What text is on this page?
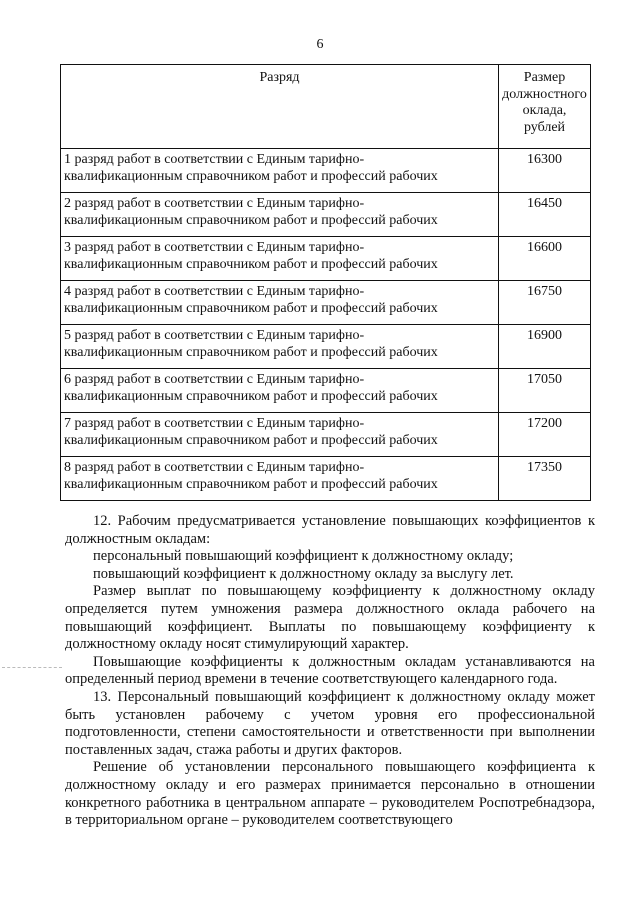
6
Разряд	Размер
должностного
оклада,
рублей

1 разряд работ в соответствии с Единым тарифно-
квалификационным справочником работ и профессий рабочих	16300

2 разряд работ в соответствии с Единым тарифно-
квалификационным справочником работ и профессий рабочих	16450

3 разряд работ в соответствии с Единым тарифно-
квалификационным справочником работ и профессий рабочих	16600

4 разряд работ в соответствии с Единым тарифно-
квалификационным справочником работ и профессий рабочих	16750

5 разряд работ в соответствии с Единым тарифно-
квалификационным справочником работ и профессий рабочих	16900

6 разряд работ в соответствии с Единым тарифно-
квалификационным справочником работ и профессий рабочих	17050

7 разряд работ в соответствии с Единым тарифно-
квалификационным справочником работ и профессий рабочих	17200

8 разряд работ в соответствии с Единым тарифно-
квалификационным справочником работ и профессий рабочих	17350

12. Рабочим предусматривается установление повышающих коэффициентов к должностным окладам:

персональный повышающий коэффициент к должностному окладу;

повышающий коэффициент к должностному окладу за выслугу лет.

Размер выплат по повышающему коэффициенту к должностному окладу определяется путем умножения размера должностного оклада рабочего на повышающий коэффициент. Выплаты по повышающему коэффициенту к должностному окладу носят стимулирующий характер.

Повышающие коэффициенты к должностным окладам устанавливаются на определенный период времени в течение соответствующего календарного года.

13. Персональный повышающий коэффициент к должностному окладу может быть установлен рабочему с учетом уровня его профессиональной подготовленности, степени самостоятельности и ответственности при выполнении поставленных задач, стажа работы и других факторов.

Решение об установлении персонального повышающего коэффициента к должностному окладу и его размерах принимается персонально в отношении конкретного работника в центральном аппарате – руководителем Роспотребнадзора, в территориальном органе – руководителем соответствующего
